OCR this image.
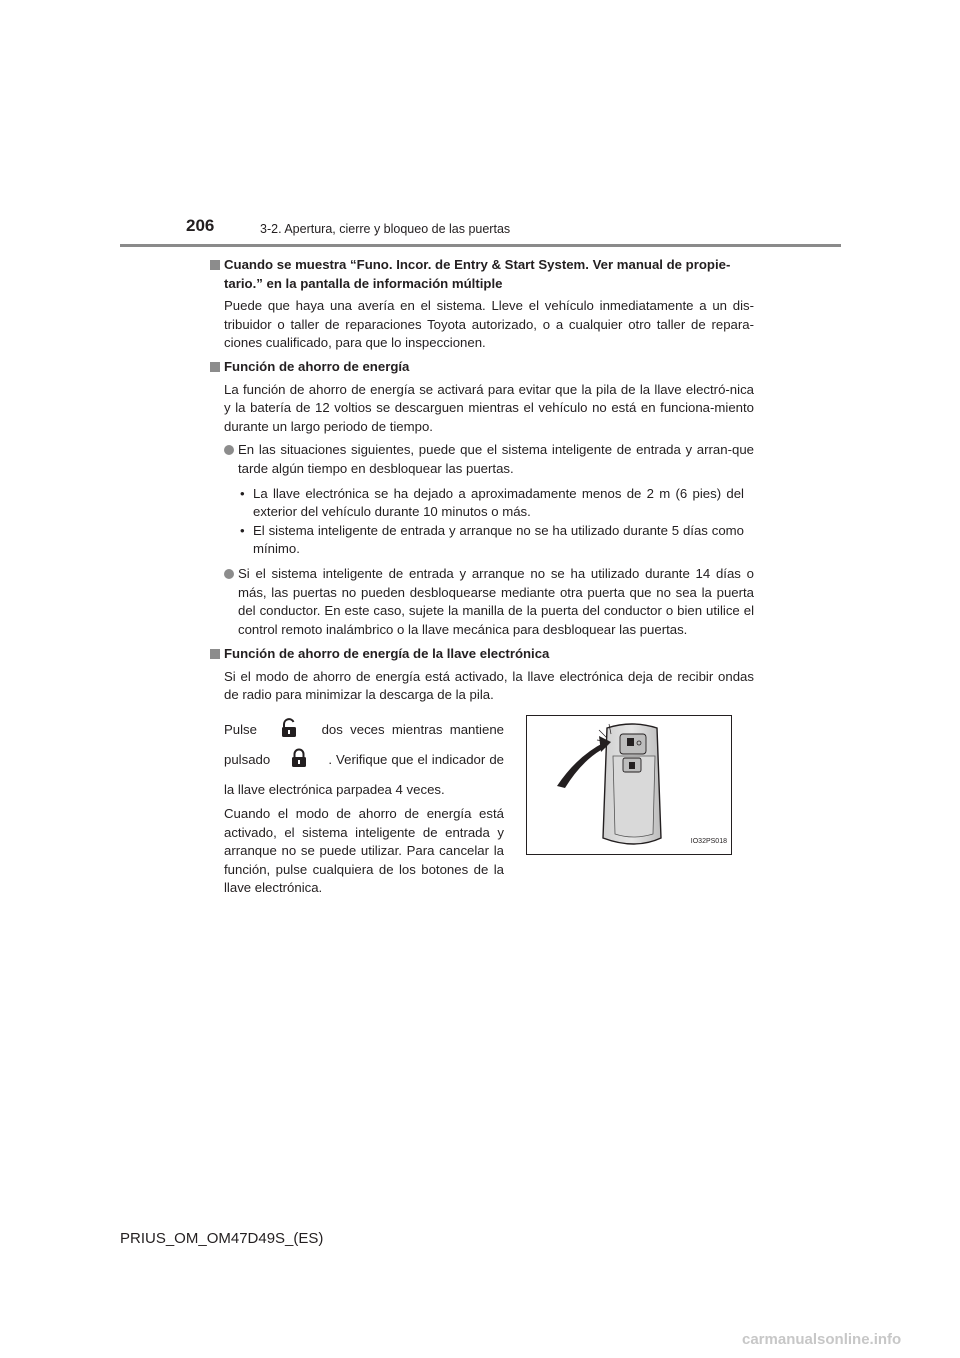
206	3-2. Apertura, cierre y bloqueo de las puertas
Cuando se muestra “Funo. Incor. de Entry & Start System. Ver manual de propie-tario.” en la pantalla de información múltiple
Puede que haya una avería en el sistema. Lleve el vehículo inmediatamente a un dis-tribuidor o taller de reparaciones Toyota autorizado, o a cualquier otro taller de repara-ciones cualificado, para que lo inspeccionen.
Función de ahorro de energía
La función de ahorro de energía se activará para evitar que la pila de la llave electró-nica y la batería de 12 voltios se descarguen mientras el vehículo no está en funciona-miento durante un largo periodo de tiempo.
En las situaciones siguientes, puede que el sistema inteligente de entrada y arran-que tarde algún tiempo en desbloquear las puertas.
• La llave electrónica se ha dejado a aproximadamente menos de 2 m (6 pies) del exterior del vehículo durante 10 minutos o más.
• El sistema inteligente de entrada y arranque no se ha utilizado durante 5 días como mínimo.
Si el sistema inteligente de entrada y arranque no se ha utilizado durante 14 días o más, las puertas no pueden desbloquearse mediante otra puerta que no sea la puerta del conductor. En este caso, sujete la manilla de la puerta del conductor o bien utilice el control remoto inalámbrico o la llave mecánica para desbloquear las puertas.
Función de ahorro de energía de la llave electrónica
Si el modo de ahorro de energía está activado, la llave electrónica deja de recibir ondas de radio para minimizar la descarga de la pila.

Pulse	dos veces mientras mantiene pulsado	. Verifique que el indicador de la llave electrónica parpadea 4 veces.

Cuando el modo de ahorro de energía está activado, el sistema inteligente de entrada y arranque no se puede utilizar. Para cancelar la función, pulse cualquiera de los botones de la llave electrónica.

IO32PS018
PRIUS_OM_OM47D49S_(ES)
carmanualsonline.info
